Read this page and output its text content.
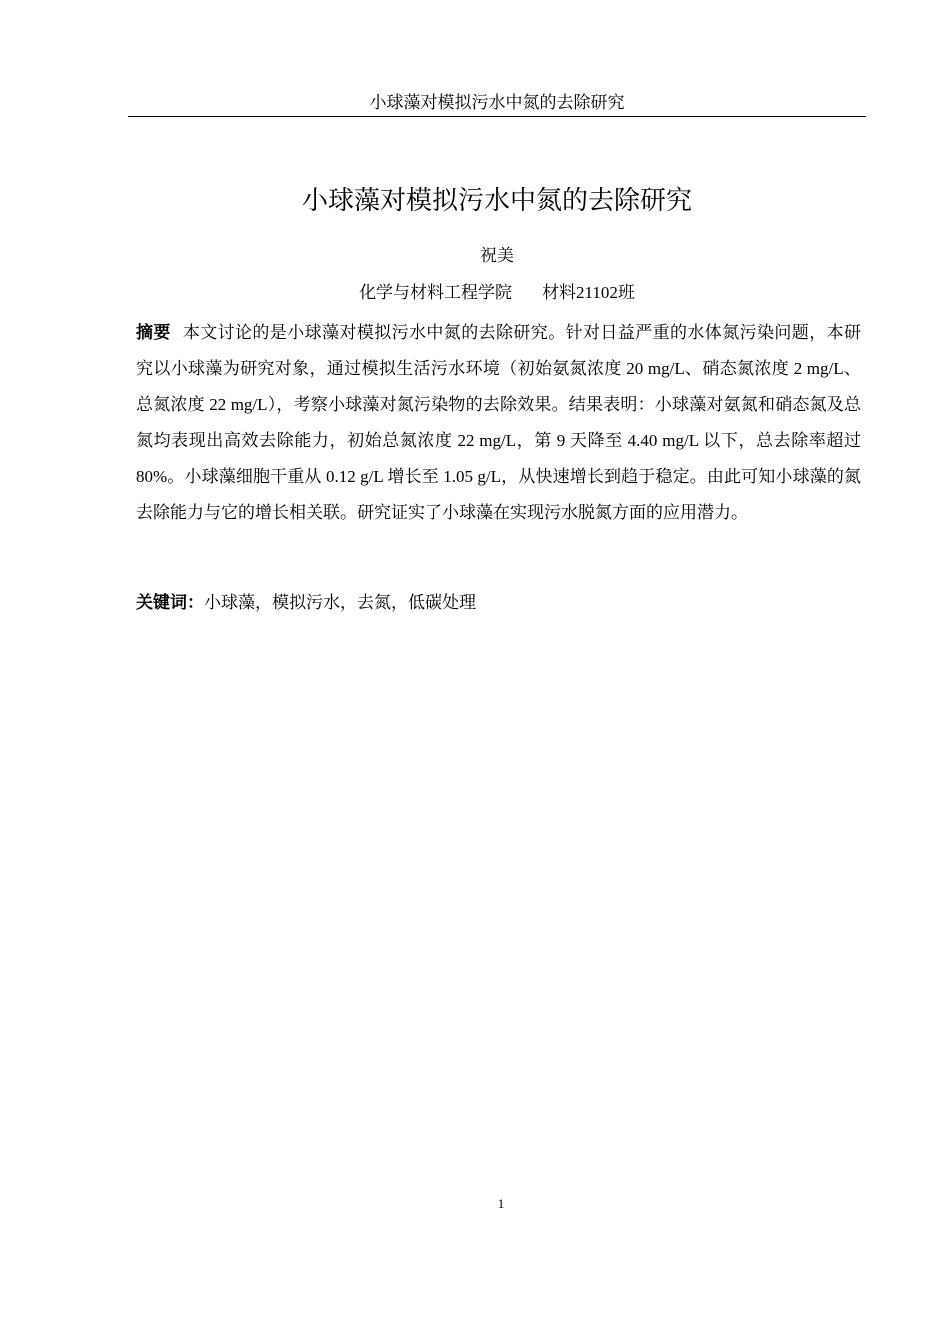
小球藻对模拟污水中氮的去除研究
小球藻对模拟污水中氮的去除研究
祝美
化学与材料工程学院 材料21102班

摘要 本文讨论的是小球藻对模拟污水中氮的去除研究。针对日益严重的水体氮污染问题，本研究以小球藻为研究对象，通过模拟生活污水环境（初始氨氮浓度 20 mg/L、硝态氮浓度 2 mg/L、总氮浓度 22 mg/L），考察小球藻对氮污染物的去除效果。结果表明：小球藻对氨氮和硝态氮及总氮均表现出高效去除能力，初始总氮浓度 22 mg/L，第 9 天降至 4.40 mg/L 以下，总去除率超过 80%。小球藻细胞干重从 0.12 g/L 增长至 1.05 g/L，从快速增长到趋于稳定。由此可知小球藻的氮去除能力与它的增长相关联。研究证实了小球藻在实现污水脱氮方面的应用潜力。

关键词：小球藻，模拟污水，去氮，低碳处理
1
